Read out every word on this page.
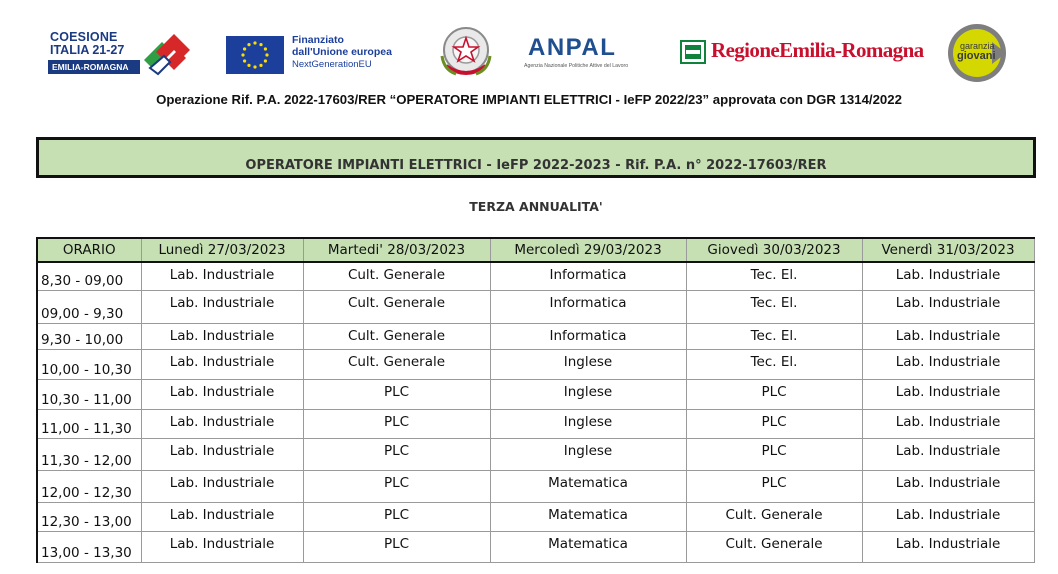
COESIONE
ITALIA 21-27
EMILIA-ROMAGNA
Finanziato
dall'Unione europea
NextGenerationEU
ANPAL
Agenzia Nazionale Politiche Attive del Lavoro
RegioneEmilia-Romagna	garanzia
giovani
Operazione Rif. P.A. 2022-17603/RER “OPERATORE IMPIANTI ELETTRICI - IeFP 2022/23” approvata con DGR 1314/2022
OPERATORE IMPIANTI ELETTRICI - IeFP 2022-2023 - Rif. P.A. n° 2022-17603/RER
TERZA ANNUALITA'
ORARIO	Lunedì 27/03/2023	Martedi' 28/03/2023	Mercoledì 29/03/2023	Giovedì 30/03/2023	Venerdì 31/03/2023
8,30 - 09,00	Lab. Industriale	Cult. Generale	Informatica	Tec. El.	Lab. Industriale
09,00 - 9,30	Lab. Industriale	Cult. Generale	Informatica	Tec. El.	Lab. Industriale
9,30 - 10,00	Lab. Industriale	Cult. Generale	Informatica	Tec. El.	Lab. Industriale
10,00 - 10,30	Lab. Industriale	Cult. Generale	Inglese	Tec. El.	Lab. Industriale
10,30 - 11,00	Lab. Industriale	PLC	Inglese	PLC	Lab. Industriale
11,00 - 11,30	Lab. Industriale	PLC	Inglese	PLC	Lab. Industriale
11,30 - 12,00	Lab. Industriale	PLC	Inglese	PLC	Lab. Industriale
12,00 - 12,30	Lab. Industriale	PLC	Matematica	PLC	Lab. Industriale
12,30 - 13,00	Lab. Industriale	PLC	Matematica	Cult. Generale	Lab. Industriale
13,00 - 13,30	Lab. Industriale	PLC	Matematica	Cult. Generale	Lab. Industriale
